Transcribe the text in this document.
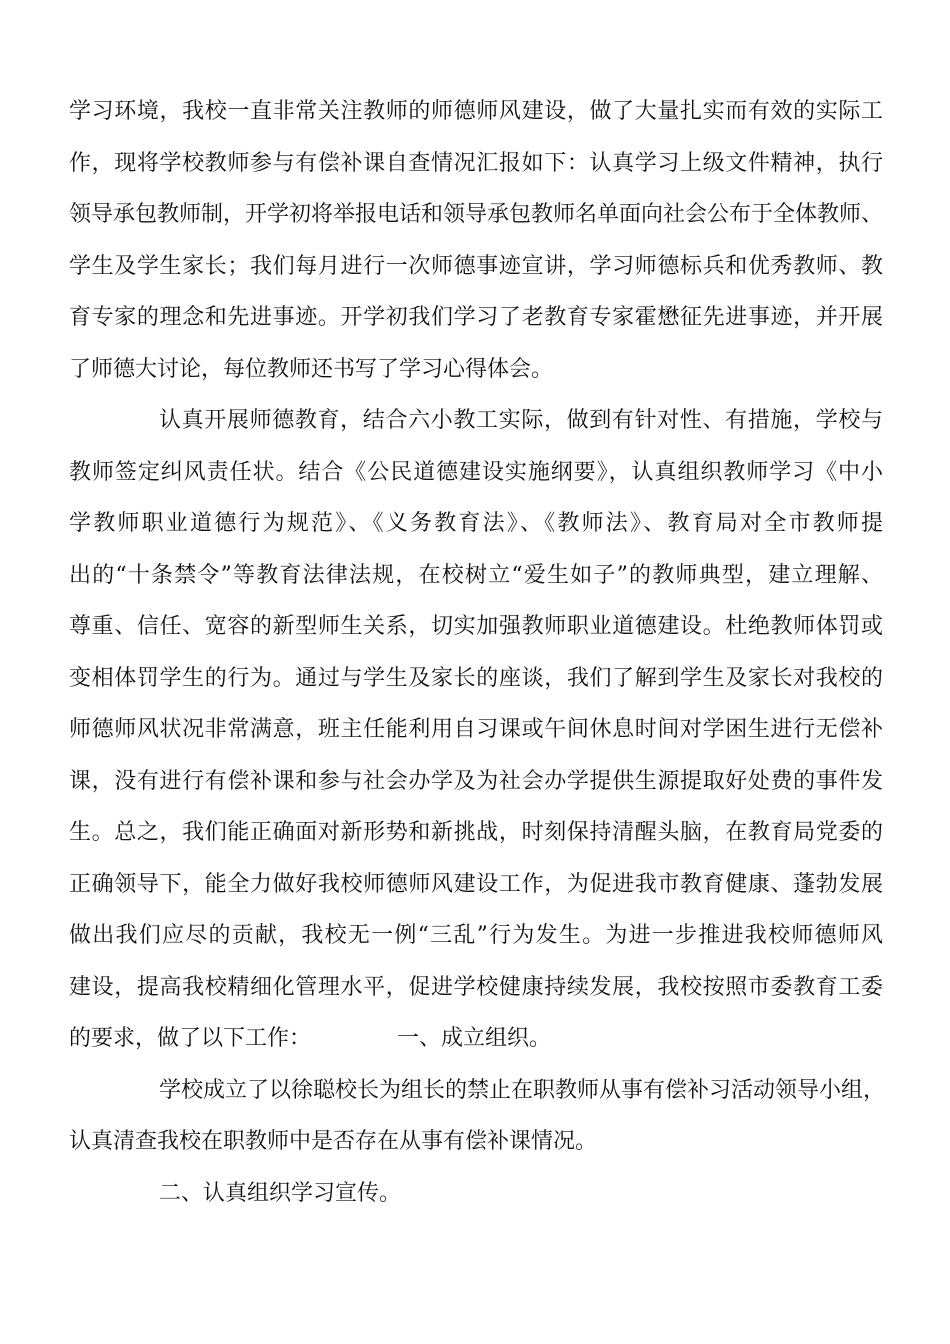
学习环境，我校一直非常关注教师的师德师风建设，做了大量扎实而有效的实际工
作，现将学校教师参与有偿补课自查情况汇报如下：认真学习上级文件精神，执行
领导承包教师制，开学初将举报电话和领导承包教师名单面向社会公布于全体教师、
学生及学生家长；我们每月进行一次师德事迹宣讲，学习师德标兵和优秀教师、教
育专家的理念和先进事迹。开学初我们学习了老教育专家霍懋征先进事迹，并开展
了师德大讨论，每位教师还书写了学习心得体会。
认真开展师德教育，结合六小教工实际，做到有针对性、有措施，学校与
教师签定纠风责任状。结合《公民道德建设实施纲要》，认真组织教师学习《中小
学教师职业道德行为规范》、《义务教育法》、《教师法》、教育局对全市教师提
出的“十条禁令”等教育法律法规，在校树立“爱生如子”的教师典型，建立理解、
尊重、信任、宽容的新型师生关系，切实加强教师职业道德建设。杜绝教师体罚或
变相体罚学生的行为。通过与学生及家长的座谈，我们了解到学生及家长对我校的
师德师风状况非常满意，班主任能利用自习课或午间休息时间对学困生进行无偿补
课，没有进行有偿补课和参与社会办学及为社会办学提供生源提取好处费的事件发
生。总之，我们能正确面对新形势和新挑战，时刻保持清醒头脑，在教育局党委的
正确领导下，能全力做好我校师德师风建设工作，为促进我市教育健康、蓬勃发展
做出我们应尽的贡献，我校无一例“三乱”行为发生。为进一步推进我校师德师风
建设，提高我校精细化管理水平，促进学校健康持续发展，我校按照市委教育工委
的要求，做了以下工作：	一、成立组织。
学校成立了以徐聪校长为组长的禁止在职教师从事有偿补习活动领导小组，
认真清查我校在职教师中是否存在从事有偿补课情况。
二、认真组织学习宣传。
